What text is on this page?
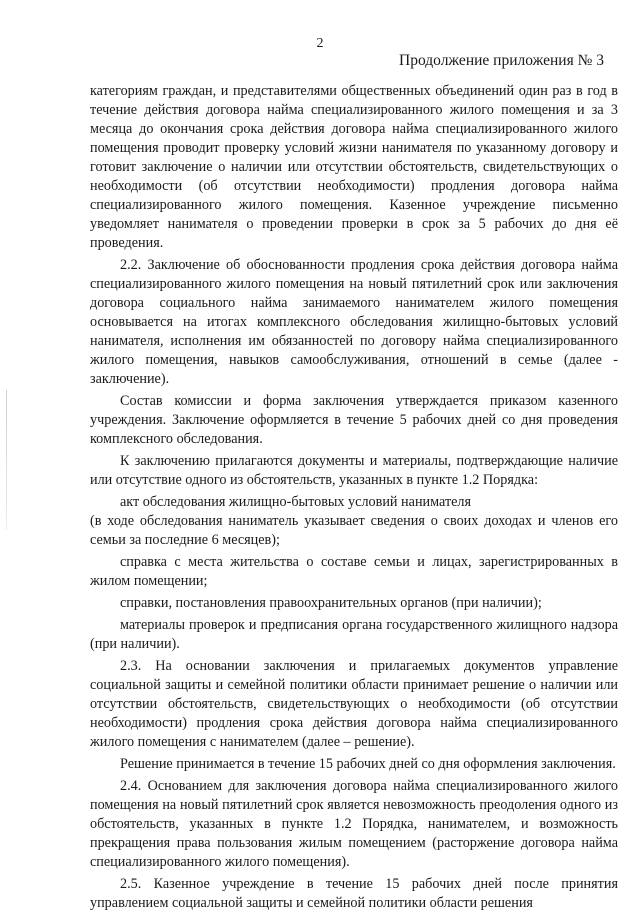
2
Продолжение приложения № 3

категориям граждан, и представителями общественных объединений один раз в год в течение действия договора найма специализированного жилого помещения и за 3 месяца до окончания срока действия договора найма специализированного жилого помещения проводит проверку условий жизни нанимателя по указанному договору и готовит заключение о наличии или отсутствии обстоятельств, свидетельствующих о необходимости (об отсутствии необходимости) продления договора найма специализированного жилого помещения. Казенное учреждение письменно уведомляет нанимателя о проведении проверки в срок за 5 рабочих до дня её проведения.

2.2. Заключение об обоснованности продления срока действия договора найма специализированного жилого помещения на новый пятилетний срок или заключения договора социального найма занимаемого нанимателем жилого помещения основывается на итогах комплексного обследования жилищно-бытовых условий нанимателя, исполнения им обязанностей по договору найма специализированного жилого помещения, навыков самообслуживания, отношений в семье (далее - заключение).

Состав комиссии и форма заключения утверждается приказом казенного учреждения. Заключение оформляется в течение 5 рабочих дней со дня проведения комплексного обследования.

К заключению прилагаются документы и материалы, подтверждающие наличие или отсутствие одного из обстоятельств, указанных в пункте 1.2 Порядка:

акт обследования жилищно-бытовых условий нанимателя

(в ходе обследования наниматель указывает сведения о своих доходах и членов его семьи за последние 6 месяцев);

справка с места жительства о составе семьи и лицах, зарегистрированных в жилом помещении;

справки, постановления правоохранительных органов (при наличии);

материалы проверок и предписания органа государственного жилищного надзора (при наличии).

2.3. На основании заключения и прилагаемых документов управление социальной защиты и семейной политики области принимает решение о наличии или отсутствии обстоятельств, свидетельствующих о необходимости (об отсутствии необходимости) продления срока действия договора найма специализированного жилого помещения с нанимателем (далее – решение).

Решение принимается в течение 15 рабочих дней со дня оформления заключения.

2.4. Основанием для заключения договора найма специализированного жилого помещения на новый пятилетний срок является невозможность преодоления одного из обстоятельств, указанных в пункте 1.2 Порядка, нанимателем, и возможность прекращения права пользования жилым помещением (расторжение договора найма специализированного жилого помещения).

2.5. Казенное учреждение в течение 15 рабочих дней после принятия управлением социальной защиты и семейной политики области решения
